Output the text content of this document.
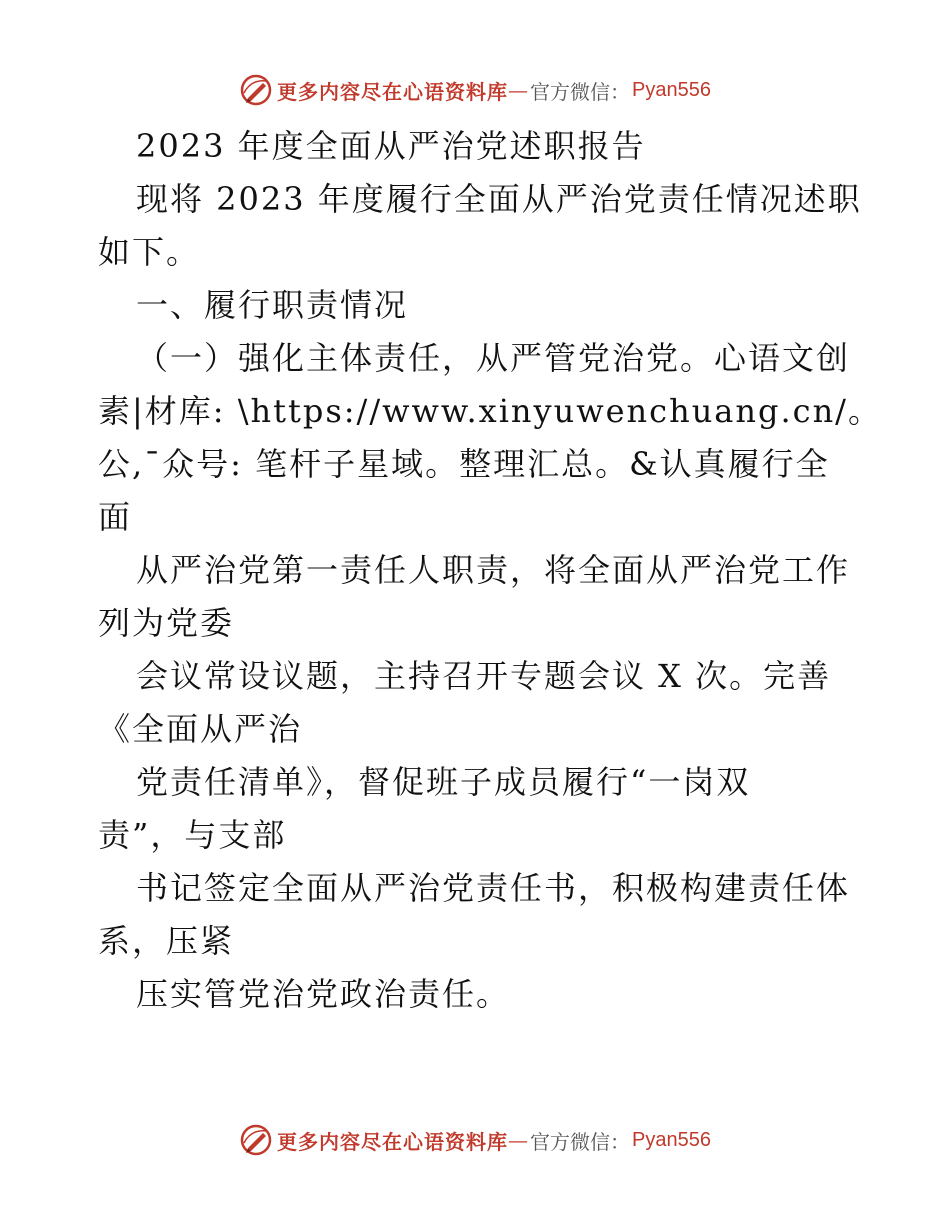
更多内容尽在心语资料库 — 官方微信： Pyan556
2023 年度全面从严治党述职报告
现将 2023 年度履行全面从严治党责任情况述职
如下。
一、履行职责情况
（一）强化主体责任，从严管党治党。心语文创
素|材库: \https://www.xinyuwenchuang.cn/。
公,¯众号: 笔杆子星域。整理汇总。&认真履行全
面
从严治党第一责任人职责，将全面从严治党工作
列为党委
会议常设议题，主持召开专题会议 X 次。完善
《全面从严治
党责任清单》，督促班子成员履行“一岗双
责”，与支部
书记签定全面从严治党责任书，积极构建责任体
系，压紧
压实管党治党政治责任。
更多内容尽在心语资料库 — 官方微信： Pyan556
